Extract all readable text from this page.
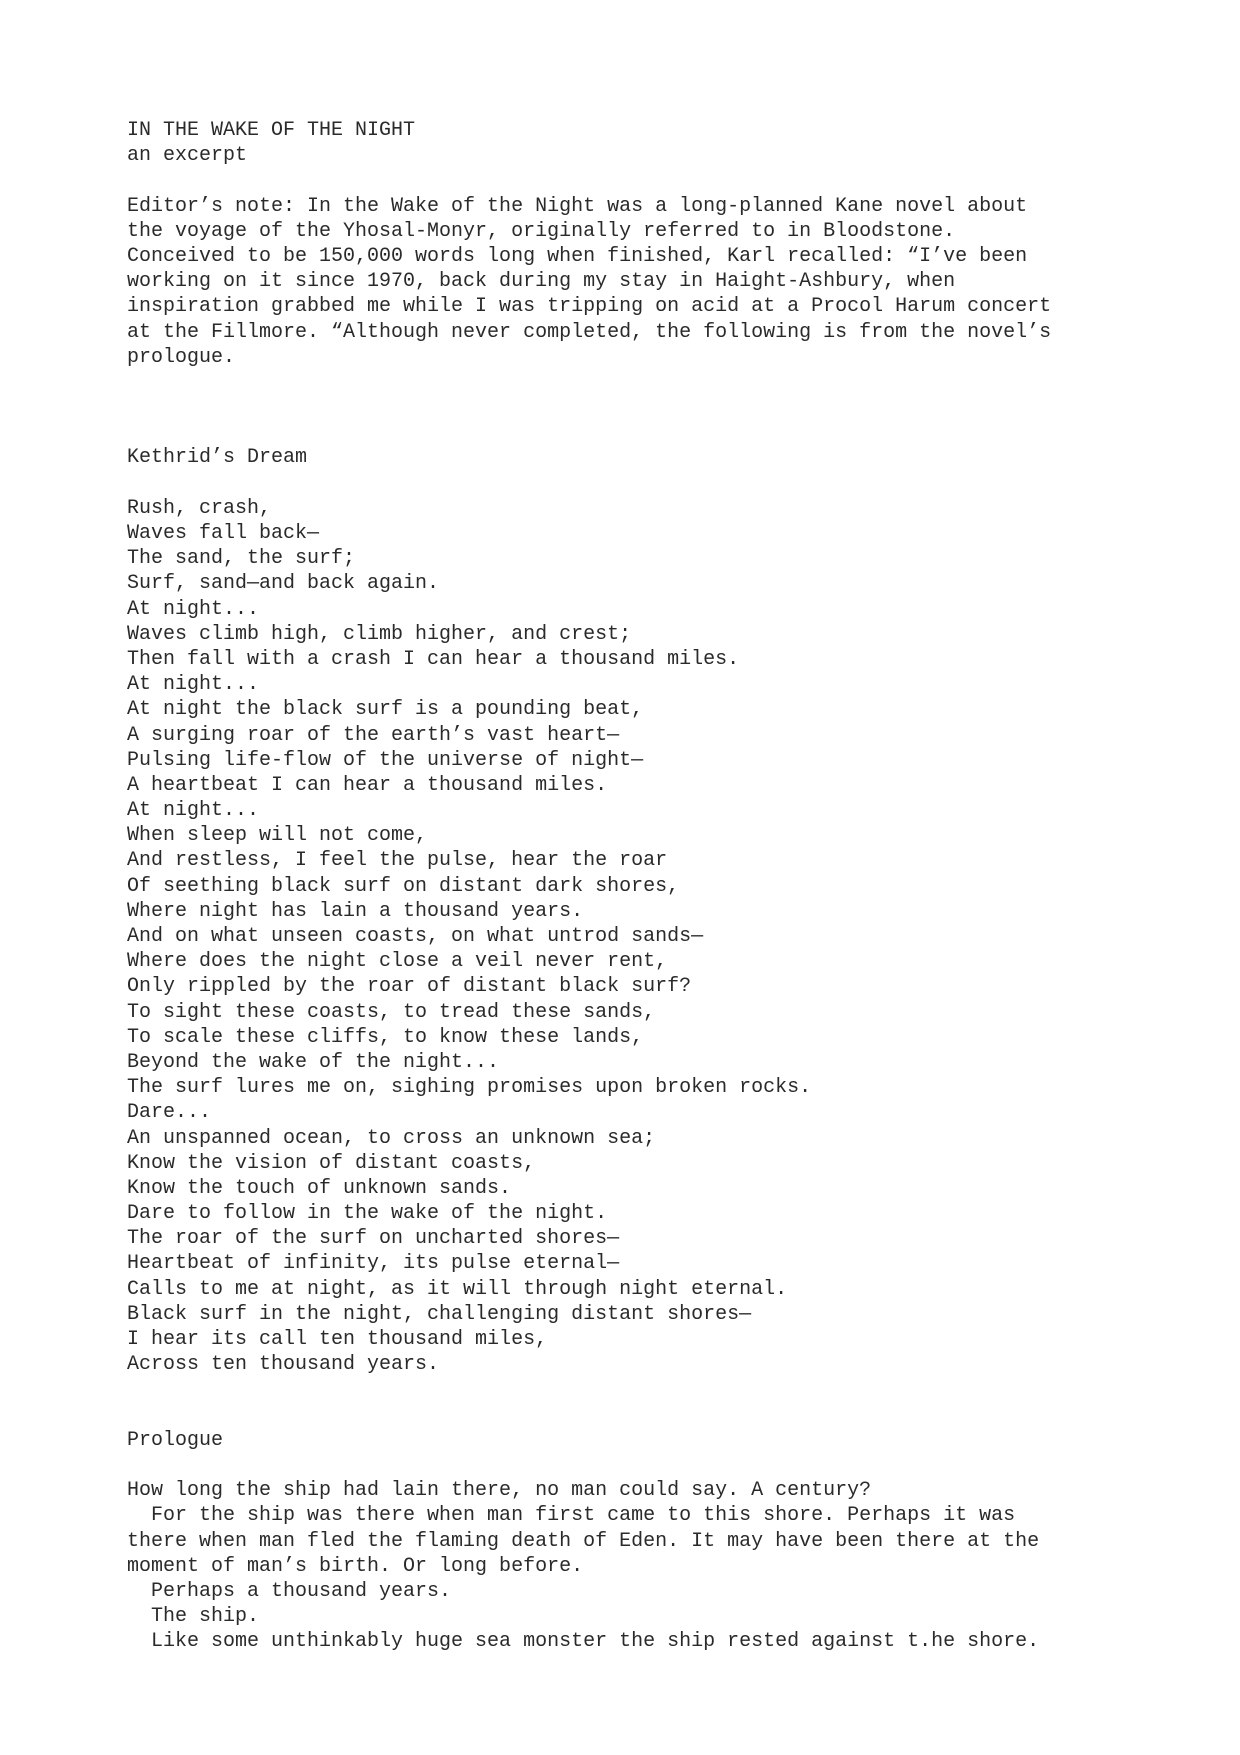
IN THE WAKE OF THE NIGHT
an excerpt
Editor’s note: In the Wake of the Night was a long-planned Kane novel about
the voyage of the Yhosal-Monyr, originally referred to in Bloodstone.
Conceived to be 150,000 words long when finished, Karl recalled: “I’ve been
working on it since 1970, back during my stay in Haight-Ashbury, when
inspiration grabbed me while I was tripping on acid at a Procol Harum concert
at the Fillmore. “Although never completed, the following is from the novel’s
prologue.
Kethrid’s Dream
Rush, crash,
Waves fall back—
The sand, the surf;
Surf, sand—and back again.
At night...
Waves climb high, climb higher, and crest;
Then fall with a crash I can hear a thousand miles.
At night...
At night the black surf is a pounding beat,
A surging roar of the earth’s vast heart—
Pulsing life-flow of the universe of night—
A heartbeat I can hear a thousand miles.
At night...
When sleep will not come,
And restless, I feel the pulse, hear the roar
Of seething black surf on distant dark shores,
Where night has lain a thousand years.
And on what unseen coasts, on what untrod sands—
Where does the night close a veil never rent,
Only rippled by the roar of distant black surf?
To sight these coasts, to tread these sands,
To scale these cliffs, to know these lands,
Beyond the wake of the night...
The surf lures me on, sighing promises upon broken rocks.
Dare...
An unspanned ocean, to cross an unknown sea;
Know the vision of distant coasts,
Know the touch of unknown sands.
Dare to follow in the wake of the night.
The roar of the surf on uncharted shores—
Heartbeat of infinity, its pulse eternal—
Calls to me at night, as it will through night eternal.
Black surf in the night, challenging distant shores—
I hear its call ten thousand miles,
Across ten thousand years.
Prologue
How long the ship had lain there, no man could say. A century?
For the ship was there when man first came to this shore. Perhaps it was
there when man fled the flaming death of Eden. It may have been there at the
moment of man’s birth. Or long before.
Perhaps a thousand years.
The ship.
Like some unthinkably huge sea monster the ship rested against t.he shore.
